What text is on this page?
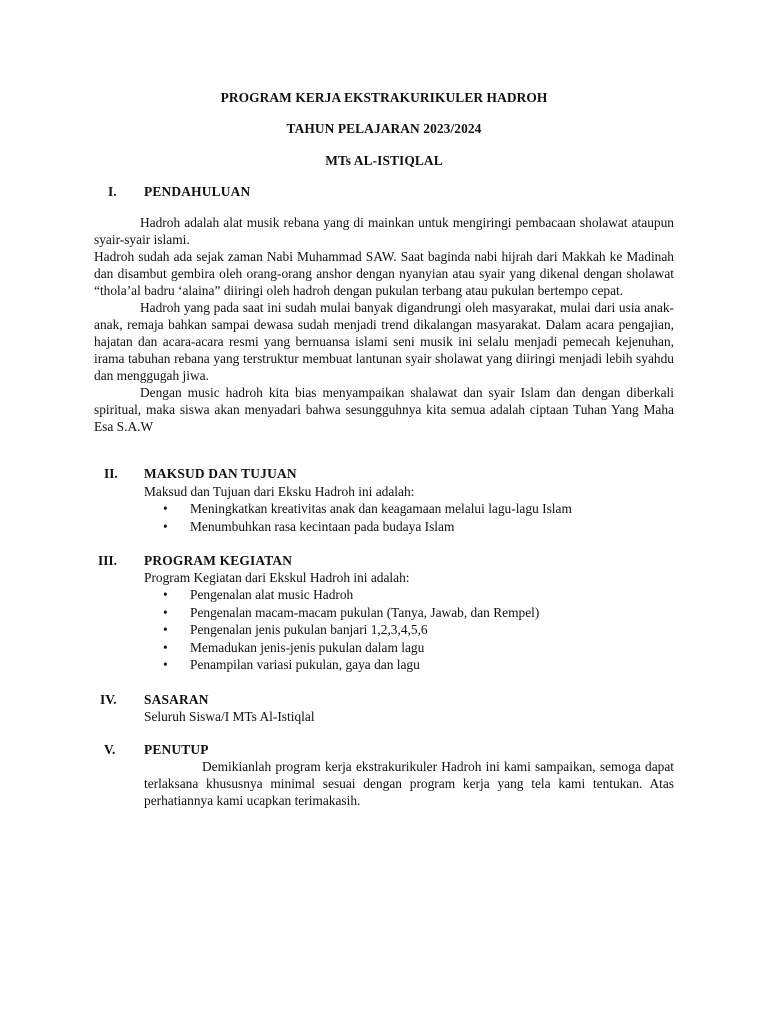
PROGRAM KERJA EKSTRAKURIKULER HADROH
TAHUN PELAJARAN 2023/2024
MTs AL-ISTIQLAL
I.	PENDAHULUAN

Hadroh adalah alat musik rebana yang di mainkan untuk mengiringi pembacaan sholawat ataupun syair-syair islami.

Hadroh sudah ada sejak zaman Nabi Muhammad SAW. Saat baginda nabi hijrah dari Makkah ke Madinah dan disambut gembira oleh orang-orang anshor dengan nyanyian atau syair yang dikenal dengan sholawat “thola’al badru ‘alaina” diiringi oleh hadroh dengan pukulan terbang atau pukulan bertempo cepat.

Hadroh yang pada saat ini sudah mulai banyak digandrungi oleh masyarakat, mulai dari usia anak-anak, remaja bahkan sampai dewasa sudah menjadi trend dikalangan masyarakat. Dalam acara pengajian, hajatan dan acara-acara resmi yang bernuansa islami seni musik ini selalu menjadi pemecah kejenuhan, irama tabuhan rebana yang terstruktur membuat lantunan syair sholawat yang diiringi menjadi lebih syahdu dan menggugah jiwa.

Dengan music hadroh kita bias menyampaikan shalawat dan syair Islam dan dengan diberkali spiritual, maka siswa akan menyadari bahwa sesungguhnya kita semua adalah ciptaan Tuhan Yang Maha Esa S.A.W

II.	MAKSUD DAN TUJUAN
Maksud dan Tujuan dari Eksku Hadroh ini adalah:
• Meningkatkan kreativitas anak dan keagamaan melalui lagu-lagu Islam
• Menumbuhkan rasa kecintaan pada budaya Islam
III.	PROGRAM KEGIATAN
Program Kegiatan dari Ekskul Hadroh ini adalah:
• Pengenalan alat music Hadroh
• Pengenalan macam-macam pukulan (Tanya, Jawab, dan Rempel)
• Pengenalan jenis pukulan banjari 1,2,3,4,5,6
• Memadukan jenis-jenis pukulan dalam lagu
• Penampilan variasi pukulan, gaya dan lagu
IV.	SASARAN
Seluruh Siswa/I MTs Al-Istiqlal
V.	PENUTUP
Demikianlah program kerja ekstrakurikuler Hadroh ini kami sampaikan, semoga dapat terlaksana khususnya minimal sesuai dengan program kerja yang tela kami tentukan. Atas perhatiannya kami ucapkan terimakasih.
